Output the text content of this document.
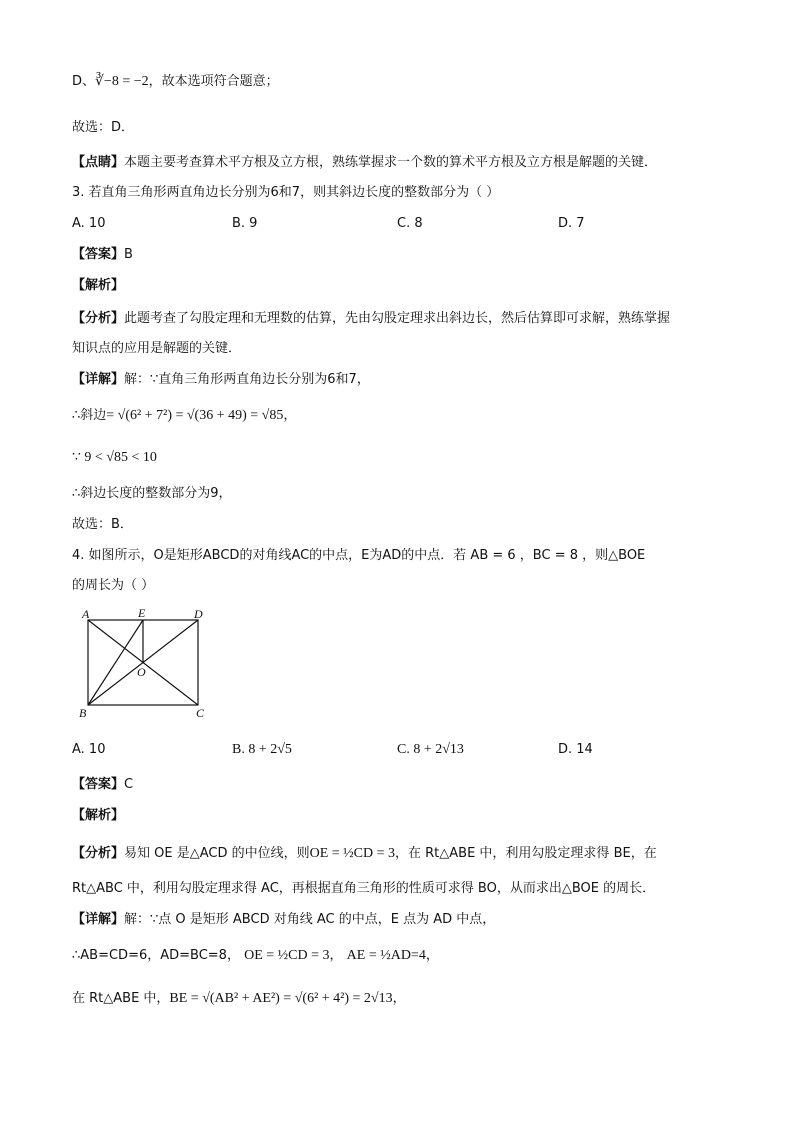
D、∛−8 = −2，故本选项符合题意；
故选：D．
【点睛】本题主要考查算术平方根及立方根，熟练掌握求一个数的算术平方根及立方根是解题的关键．
3. 若直角三角形两直角边长分别为6和7，则其斜边长度的整数部分为（ ）
A. 10	B. 9	C. 8	D. 7
【答案】B
【解析】
【分析】此题考查了勾股定理和无理数的估算，先由勾股定理求出斜边长，然后估算即可求解，熟练掌握
知识点的应用是解题的关键．
【详解】解：∵直角三角形两直角边长分别为6和7，
∴斜边= √(6² + 7²) = √(36 + 49) = √85，
∵ 9 < √85 < 10
∴斜边长度的整数部分为9，
故选：B．
4. 如图所示，O是矩形ABCD的对角线AC的中点，E为AD的中点．若 AB = 6 ，BC = 8 ，则△BOE
的周长为（ ）
A	E	D
O
B	C
A. 10	B. 8 + 2√5	C. 8 + 2√13	D. 14
【答案】C
【解析】
【分析】易知 OE 是△ACD 的中位线，则OE = ½CD = 3，在 Rt△ABE 中，利用勾股定理求得 BE，在
Rt△ABC 中，利用勾股定理求得 AC，再根据直角三角形的性质可求得 BO，从而求出△BOE 的周长．
【详解】解：∵点 O 是矩形 ABCD 对角线 AC 的中点，E 点为 AD 中点，
∴AB=CD=6，AD=BC=8， OE = ½CD = 3， AE = ½AD=4，
在 Rt△ABE 中，BE = √(AB² + AE²) = √(6² + 4²) = 2√13，
